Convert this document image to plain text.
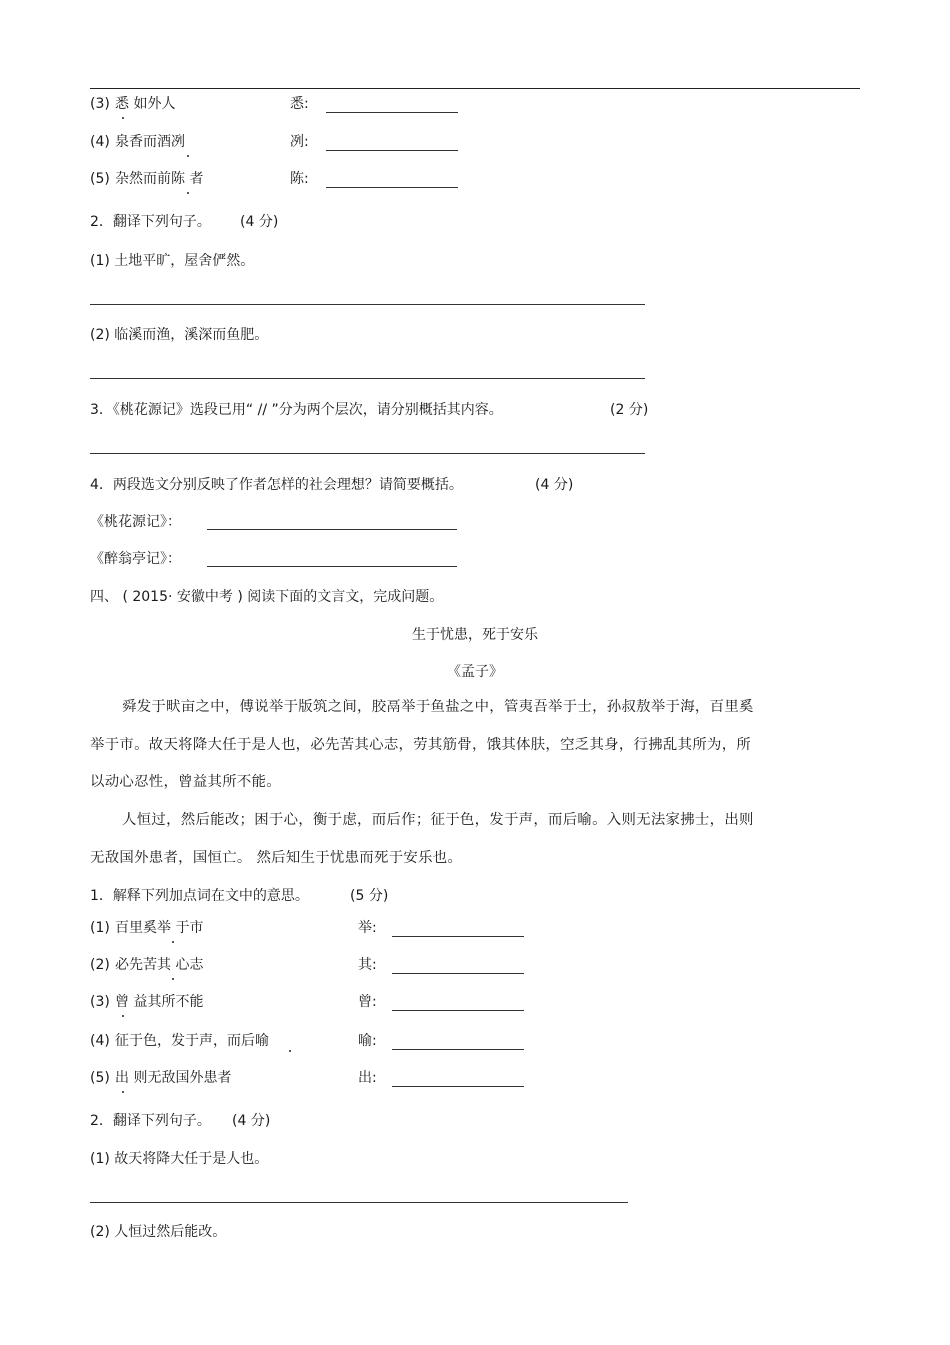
(3) 悉 如外人	悉:
(4) 泉香而酒冽	冽:
(5) 杂然而前陈 者	陈:
2．翻译下列句子。 (4 分)
(1) 土地平旷，屋舍俨然。
(2) 临溪而渔，溪深而鱼肥。
3．《桃花源记》选段已用“ // ”分为两个层次，请分别概括其内容。	(2 分)
4．两段选文分别反映了作者怎样的社会理想？请简要概括。	(4 分)
《桃花源记》：
《醉翁亭记》：
四、 ( 2015· 安徽中考 ) 阅读下面的文言文，完成问题。
生于忧患，死于安乐
《孟子》
舜发于畎亩之中，傅说举于版筑之间，胶鬲举于鱼盐之中，管夷吾举于士，孙叔敖举于海，百里奚
举于市。故天将降大任于是人也，必先苦其心志，劳其筋骨，饿其体肤，空乏其身，行拂乱其所为，所
以动心忍性，曾益其所不能。
人恒过，然后能改；困于心，衡于虑，而后作；征于色，发于声，而后喻。入则无法家拂士，出则
无敌国外患者，国恒亡。 然后知生于忧患而死于安乐也。
1．解释下列加点词在文中的意思。	(5 分)
(1) 百里奚举 于市	举:
(2) 必先苦其 心志	其:
(3) 曾 益其所不能	曾:
(4) 征于色，发于声，而后喻	喻:
(5) 出 则无敌国外患者	出:
2．翻译下列句子。 (4 分)
(1) 故天将降大任于是人也。
(2) 人恒过然后能改。
